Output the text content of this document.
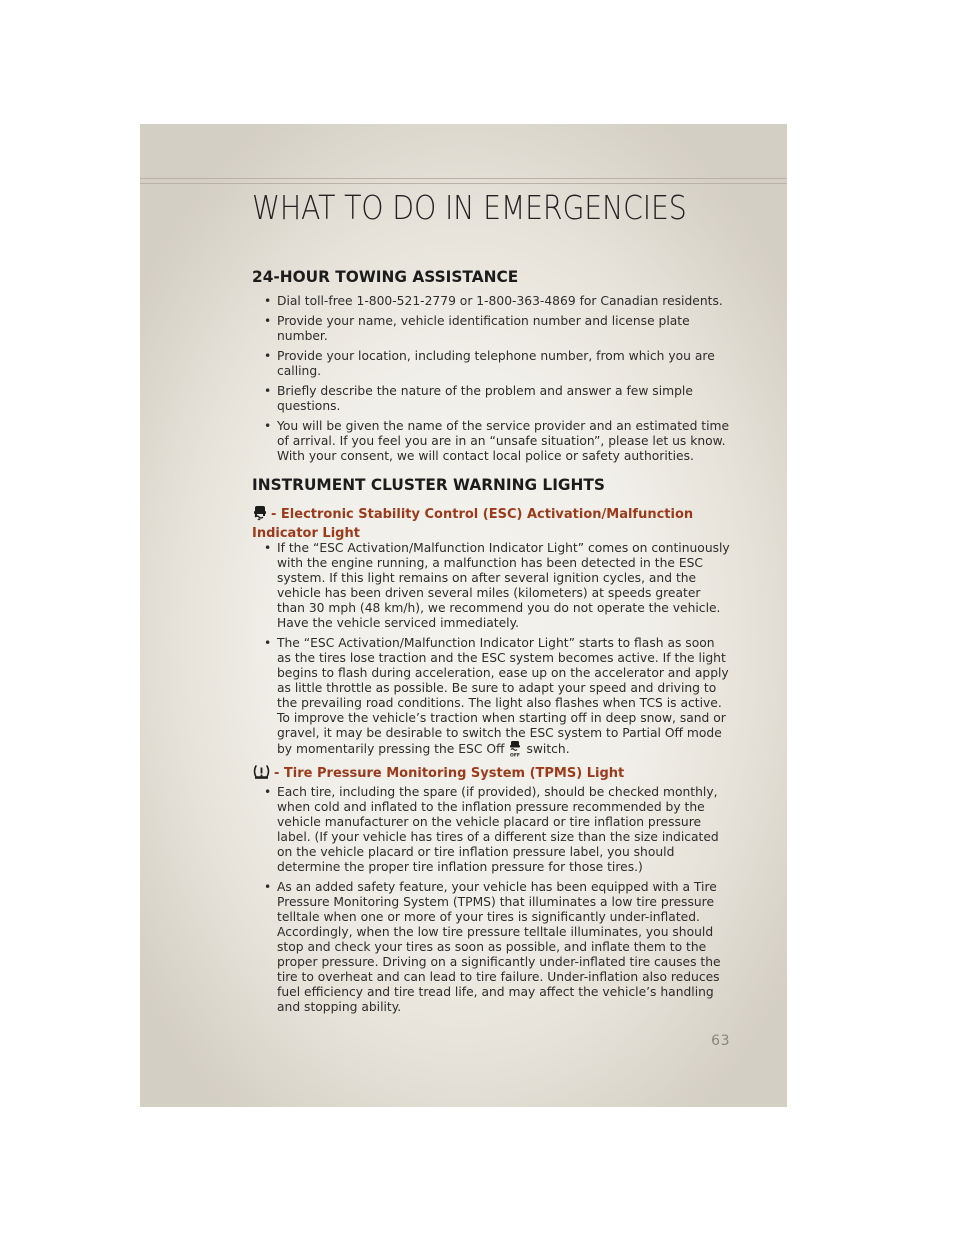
WHAT TO DO IN EMERGENCIES
24-HOUR TOWING ASSISTANCE
• Dial toll-free 1-800-521-2779 or 1-800-363-4869 for Canadian residents.
• Provide your name, vehicle identification number and license plate number.
• Provide your location, including telephone number, from which you are calling.
• Briefly describe the nature of the problem and answer a few simple questions.
• You will be given the name of the service provider and an estimated time of arrival. If you feel you are in an “unsafe situation”, please let us know. With your consent, we will contact local police or safety authorities.
INSTRUMENT CLUSTER WARNING LIGHTS
- Electronic Stability Control (ESC) Activation/Malfunction Indicator Light
• If the “ESC Activation/Malfunction Indicator Light” comes on continuously with the engine running, a malfunction has been detected in the ESC system. If this light remains on after several ignition cycles, and the vehicle has been driven several miles (kilometers) at speeds greater than 30 mph (48 km/h), we recommend you do not operate the vehicle. Have the vehicle serviced immediately.
• The “ESC Activation/Malfunction Indicator Light” starts to flash as soon as the tires lose traction and the ESC system becomes active. If the light begins to flash during acceleration, ease up on the accelerator and apply as little throttle as possible. Be sure to adapt your speed and driving to the prevailing road conditions. The light also flashes when TCS is active. To improve the vehicle’s traction when starting off in deep snow, sand or gravel, it may be desirable to switch the ESC system to Partial Off mode by momentarily pressing the ESC Off OFF switch.
- Tire Pressure Monitoring System (TPMS) Light
• Each tire, including the spare (if provided), should be checked monthly, when cold and inflated to the inflation pressure recommended by the vehicle manufacturer on the vehicle placard or tire inflation pressure label. (If your vehicle has tires of a different size than the size indicated on the vehicle placard or tire inflation pressure label, you should determine the proper tire inflation pressure for those tires.)
• As an added safety feature, your vehicle has been equipped with a Tire Pressure Monitoring System (TPMS) that illuminates a low tire pressure telltale when one or more of your tires is significantly under-inflated. Accordingly, when the low tire pressure telltale illuminates, you should stop and check your tires as soon as possible, and inflate them to the proper pressure. Driving on a significantly under-inflated tire causes the tire to overheat and can lead to tire failure. Under-inflation also reduces fuel efficiency and tire tread life, and may affect the vehicle’s handling and stopping ability.
63
